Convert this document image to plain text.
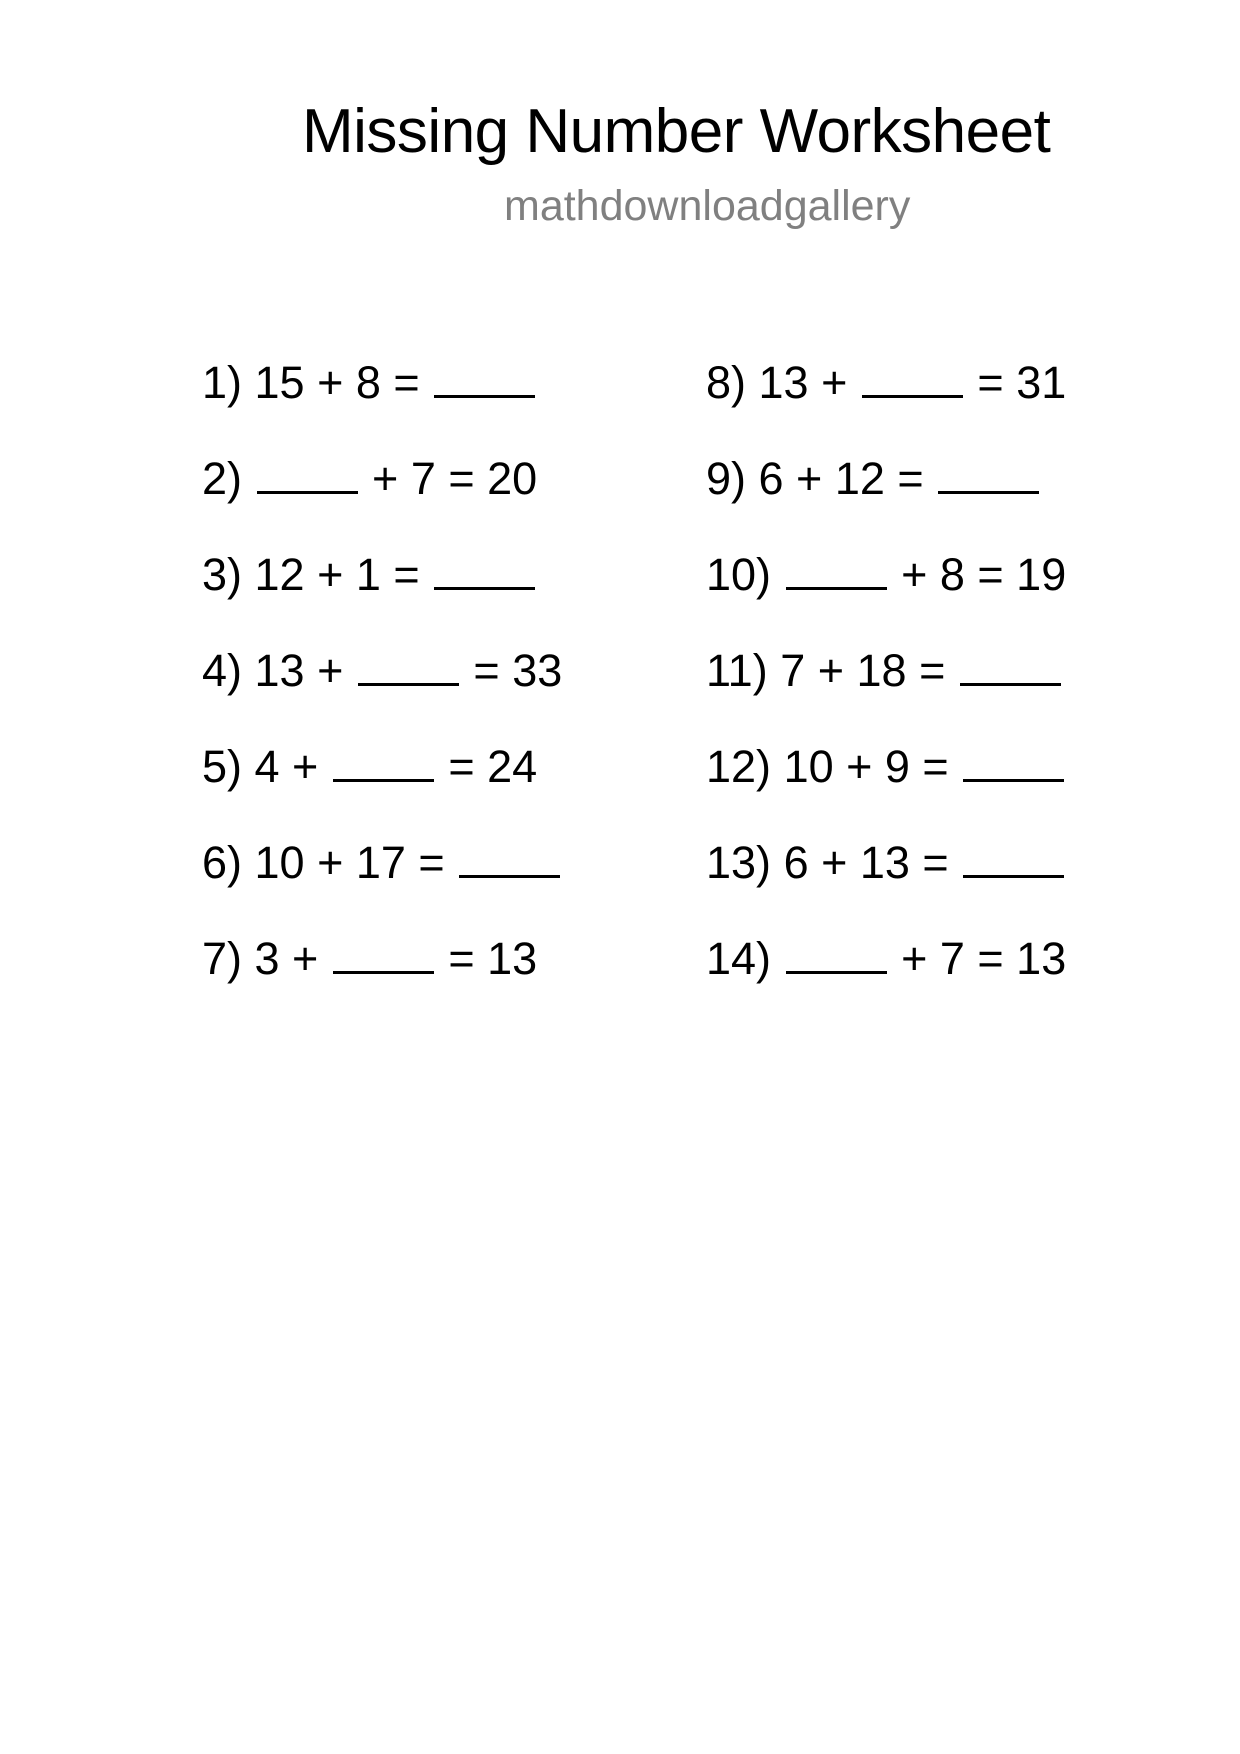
Missing Number Worksheet
mathdownloadgallery
1) 15 + 8 =
2)	+ 7 = 20
3) 12 + 1 =
4) 13 +	= 33
5) 4 +	= 24
6) 10 + 17 =
7) 3 +	= 13
8) 13 +	= 31
9) 6 + 12 =
10)	+ 8 = 19
11) 7 + 18 =
12) 10 + 9 =
13) 6 + 13 =
14)	+ 7 = 13
